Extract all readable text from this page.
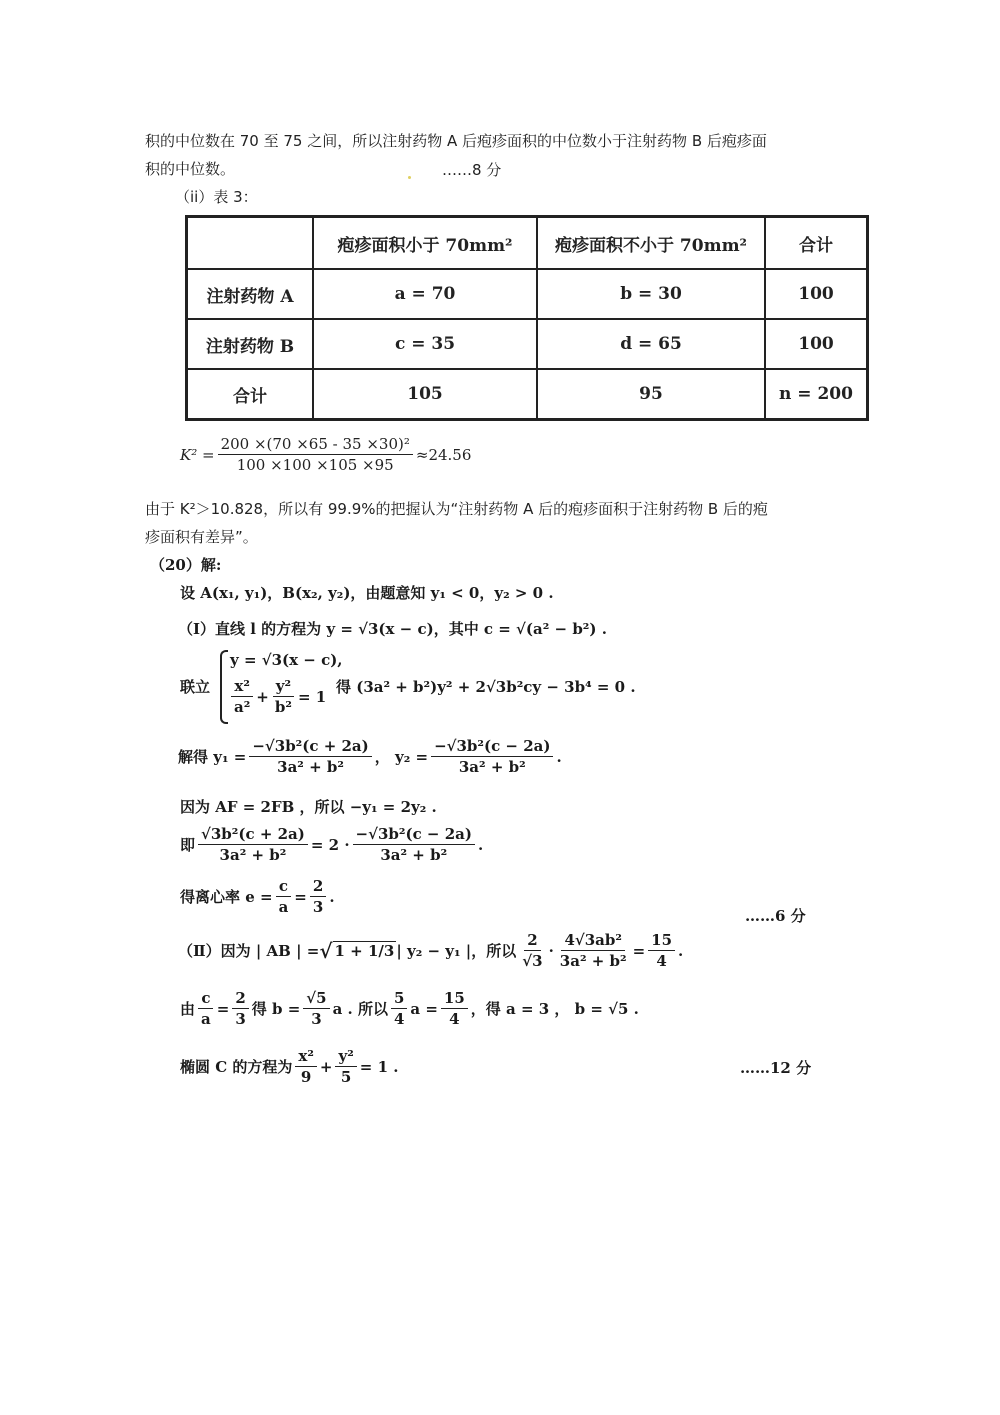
积的中位数在 70 至 75 之间，所以注射药物 A 后疱疹面积的中位数小于注射药物 B 后疱疹面
积的中位数。	……8 分
（ii）表 3：
	疱疹面积小于 70mm²	疱疹面积不小于 70mm²	合计
注射药物 A	a = 70	b = 30	100
注射药物 B	c = 35	d = 65	100
合计	105	95	n = 200
$K^2 = \frac{\text{200 ×(70 ×65 - 35 ×30)²}}{100 \times 100 \times 105 \times 95} \approx 24.56$
由于 K²＞10.828，所以有 99.9%的把握认为“注射药物 A 后的疱疹面积于注射药物 B 后的疱
疹面积有差异”。
（20）解:
设 A(x₁, y₁)，B(x₂, y₂)，由题意知 y₁ < 0，y₂ > 0 .
（Ⅰ）直线 l 的方程为 y = √3(x − c)，其中 c = √(a² − b²) .
联立
y = √3(x − c),
$\frac{\text{x²}}{\text{a²}} + \frac{\text{y²}}{\text{b²}} = 1$
得 (3a² + b²)y² + 2√3b²cy − 3b⁴ = 0 .
解得
$y_1 = \frac{\text{−√3b²(c + 2a)}}{\text{3a² + b²}}$ ， $y_2 = \frac{\text{−√3b²(c − 2a)}}{\text{3a² + b²}}$ .
因为 AF = 2FB ，所以 −y₁ = 2y₂ .
即 $\frac{\text{√3b²(c + 2a)}}{\text{3a² + b²}} = 2 \cdot \frac{\text{−√3b²(c − 2a)}}{\text{3a² + b²}}$ .
得离心率 $e = \frac{c}{a} = \frac{2}{3}$ .
……6 分
（Ⅱ）因为 | AB | = √ 1 + 1/3 | y₂ − y₁ |，所以 $\frac{2}{√3} \cdot \frac{\text{4√3ab²}}{\text{3a² + b²}} = \frac{15}{4}$ .
由 $\frac{c}{a} = \frac{2}{3}$ 得 $b = \frac{√5}{3}$ a . 所以 $\frac{5}{4}$ $a = \frac{15}{4}$ ，得 a = 3 ， b = √5 .
椭圆 C 的方程为 $\frac{\text{x²}}{9} + \frac{\text{y²}}{5} = 1$ .	……12 分
